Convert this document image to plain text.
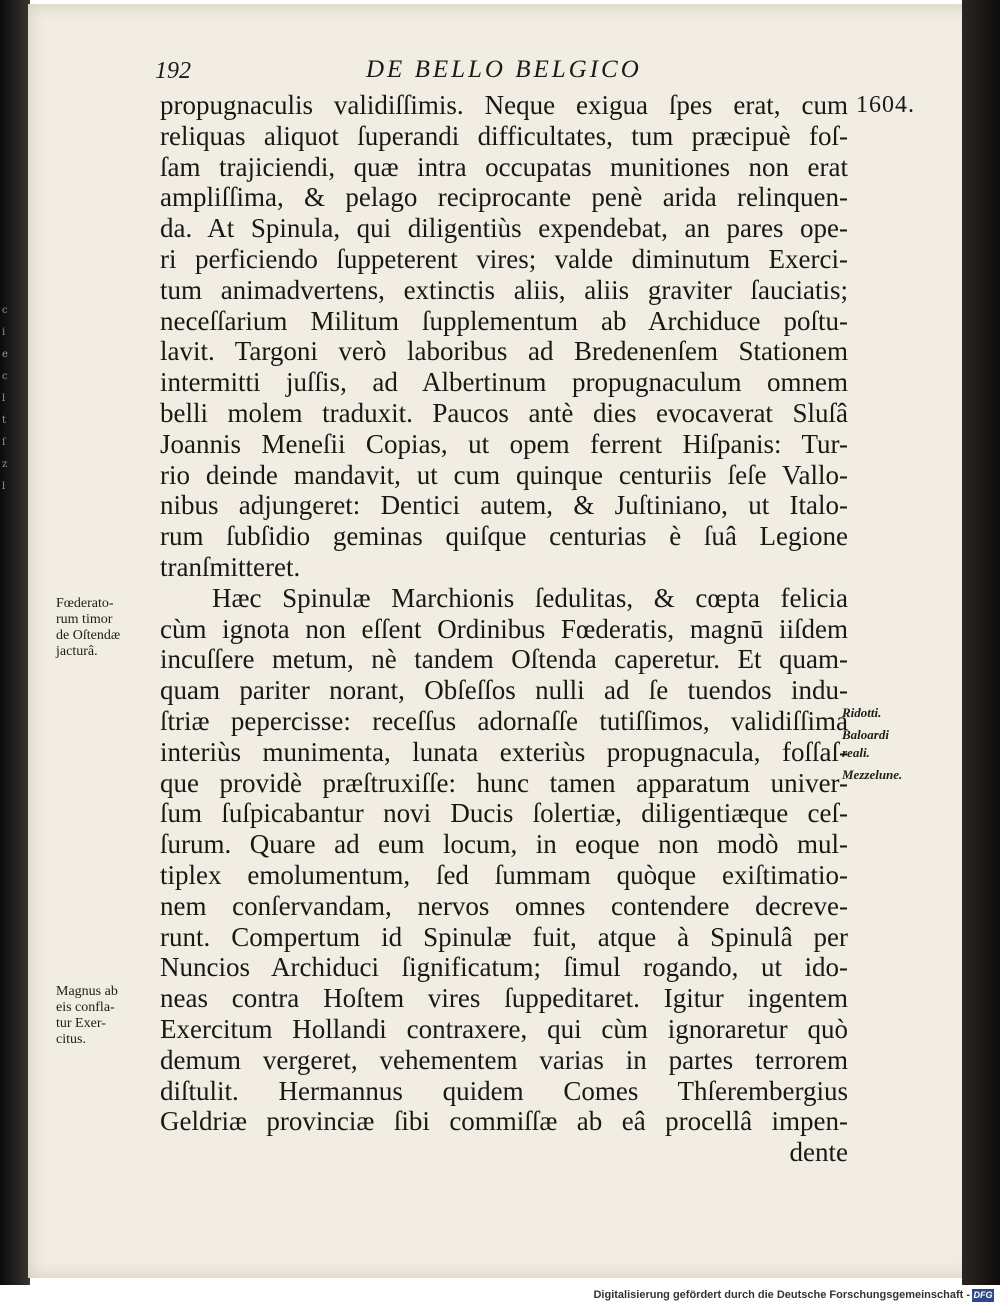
c
i
e
c
l
t
ſ
z
l
192	DE BELLO BELGICO
1604.
propugnaculis validiſſimis. Neque exigua ſpes erat, cum
reliquas aliquot ſuperandi difficultates, tum præcipuè foſ-
ſam trajiciendi, quæ intra occupatas munitiones non erat
ampliſſima, & pelago reciprocante penè arida relinquen-
da. At Spinula, qui diligentiùs expendebat, an pares ope-
ri perficiendo ſuppeterent vires; valde diminutum Exerci-
tum animadvertens, extinctis aliis, aliis graviter ſauciatis;
neceſſarium Militum ſupplementum ab Archiduce poſtu-
lavit. Targoni verò laboribus ad Bredenenſem Stationem
intermitti juſſis, ad Albertinum propugnaculum omnem
belli molem traduxit. Paucos antè dies evocaverat Sluſâ
Joannis Meneſii Copias, ut opem ferrent Hiſpanis: Tur-
rio deinde mandavit, ut cum quinque centuriis ſeſe Vallo-
nibus adjungeret: Dentici autem, & Juſtiniano, ut Italo-
rum ſubſidio geminas quiſque centurias è ſuâ Legione
tranſmitteret.
Hæc Spinulæ Marchionis ſedulitas, & cœpta felicia
cùm ignota non eſſent Ordinibus Fœderatis, magnū iiſdem
incuſſere metum, nè tandem Oſtenda caperetur. Et quam-
quam pariter norant, Obſeſſos nulli ad ſe tuendos indu-
ſtriæ pepercisse: receſſus adornaſſe tutiſſimos, validiſſima
interiùs munimenta, lunata exteriùs propugnacula, foſſaſ-
que providè præſtruxiſſe: hunc tamen apparatum univer-
ſum ſuſpicabantur novi Ducis ſolertiæ, diligentiæque ceſ-
ſurum. Quare ad eum locum, in eoque non modò mul-
tiplex emolumentum, ſed ſummam quòque exiſtimatio-
nem conſervandam, nervos omnes contendere decreve-
runt. Compertum id Spinulæ fuit, atque à Spinulâ per
Nuncios Archiduci ſignificatum; ſimul rogando, ut ido-
neas contra Hoſtem vires ſuppeditaret. Igitur ingentem
Exercitum Hollandi contraxere, qui cùm ignoraretur quò
demum vergeret, vehementem varias in partes terrorem
diſtulit. Hermannus quidem Comes Thſerembergius
Geldriæ provinciæ ſibi commiſſæ ab eâ procellâ impen-
dente
Fœderato-
rum timor
de Oſtendæ
jacturâ.
Magnus ab
eis confla-
tur Exer-
citus.
Ridotti.
Baloardi
reali.
Mezzelune.
Digitalisierung gefördert durch die Deutsche Forschungsgemeinschaft - DFG
